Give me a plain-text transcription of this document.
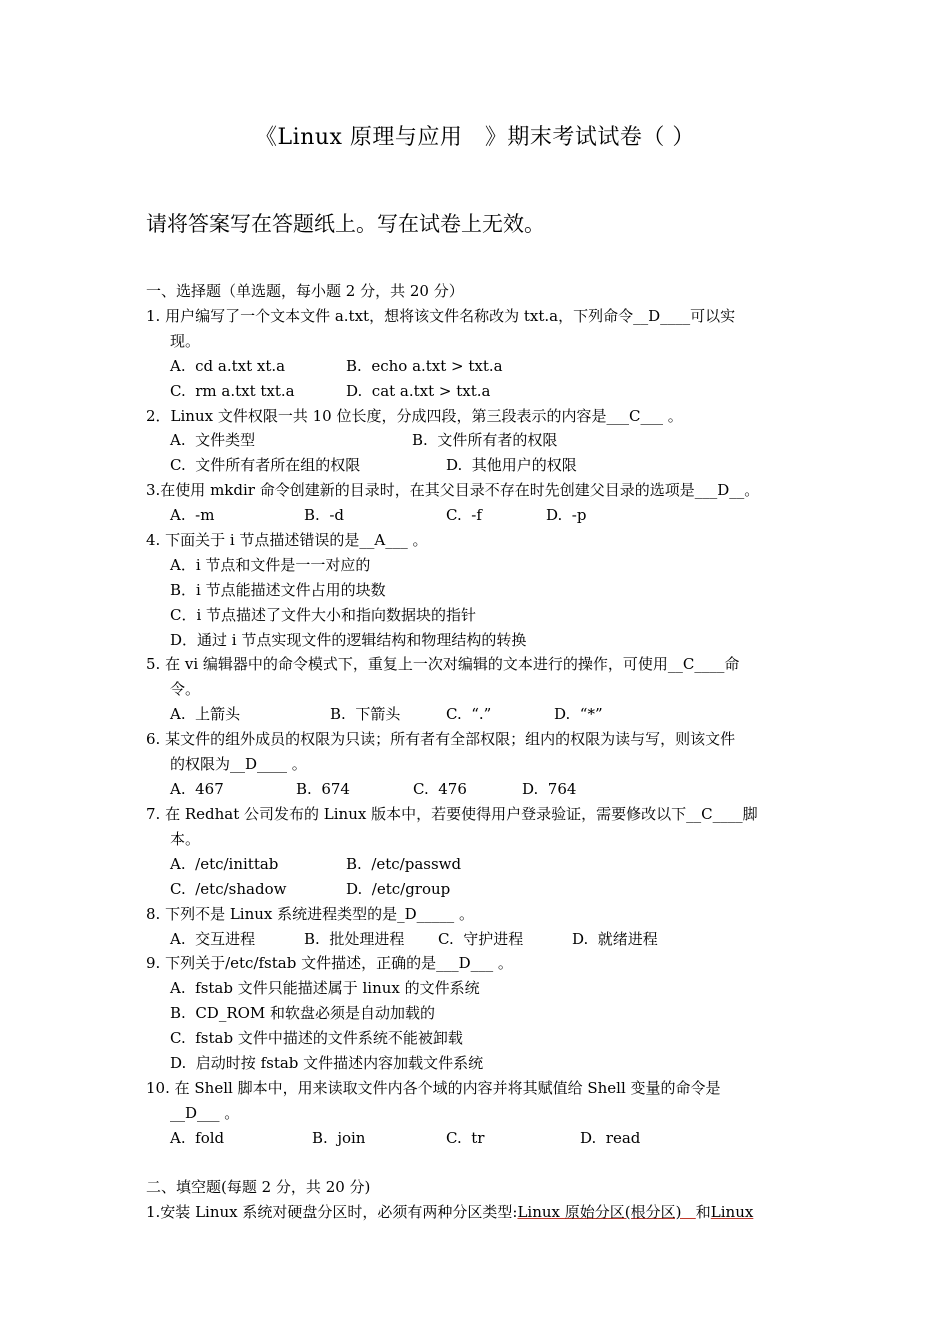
《Linux 原理与应用　》期末考试试卷（ ）
请将答案写在答题纸上。写在试卷上无效。
一、选择题（单选题，每小题 2 分，共 20 分）
1. 用户编写了一个文本文件 a.txt，想将该文件名称改为 txt.a，下列命令__D____可以实
现。
A.  cd a.txt xt.a	B.  echo a.txt > txt.a
C.  rm a.txt txt.a	D.  cat a.txt > txt.a
2．Linux 文件权限一共 10 位长度，分成四段，第三段表示的内容是___C___ 。
A.  文件类型	B.  文件所有者的权限
C.  文件所有者所在组的权限	D.  其他用户的权限
3.在使用 mkdir 命令创建新的目录时，在其父目录不存在时先创建父目录的选项是___D__。
A.  -m	B.  -d	C.  -f	D.  -p
4. 下面关于 i 节点描述错误的是__A___ 。
A．i 节点和文件是一一对应的
B．i 节点能描述文件占用的块数
C．i 节点描述了文件大小和指向数据块的指针
D．通过 i 节点实现文件的逻辑结构和物理结构的转换
5. 在 vi 编辑器中的命令模式下，重复上一次对编辑的文本进行的操作，可使用__C____命
令。
A.  上箭头	B.  下箭头	C.  “.”	D.  “*”
6. 某文件的组外成员的权限为只读；所有者有全部权限；组内的权限为读与写，则该文件
的权限为__D____ 。
A.  467	B.  674	C.  476	D.  764
7. 在 Redhat 公司发布的 Linux 版本中，若要使得用户登录验证，需要修改以下__C____脚
本。
A.  /etc/inittab	B.  /etc/passwd
C.  /etc/shadow	D.  /etc/group
8. 下列不是 Linux 系统进程类型的是_D_____ 。
A.  交互进程	B.  批处理进程 C.  守护进程	D.  就绪进程
9. 下列关于/etc/fstab 文件描述，正确的是___D___ 。
A.  fstab 文件只能描述属于 linux 的文件系统
B.  CD_ROM 和软盘必须是自动加载的
C.  fstab 文件中描述的文件系统不能被卸载
D.  启动时按 fstab 文件描述内容加载文件系统
10. 在 Shell 脚本中，用来读取文件内各个域的内容并将其赋值给 Shell 变量的命令是
__D___ 。
A.  fold	B.  join	C.  tr	D.  read
二、填空题(每题 2 分，共 20 分)
1.安装 Linux 系统对硬盘分区时，必须有两种分区类型:Linux 原始分区(根分区) 和Linux
